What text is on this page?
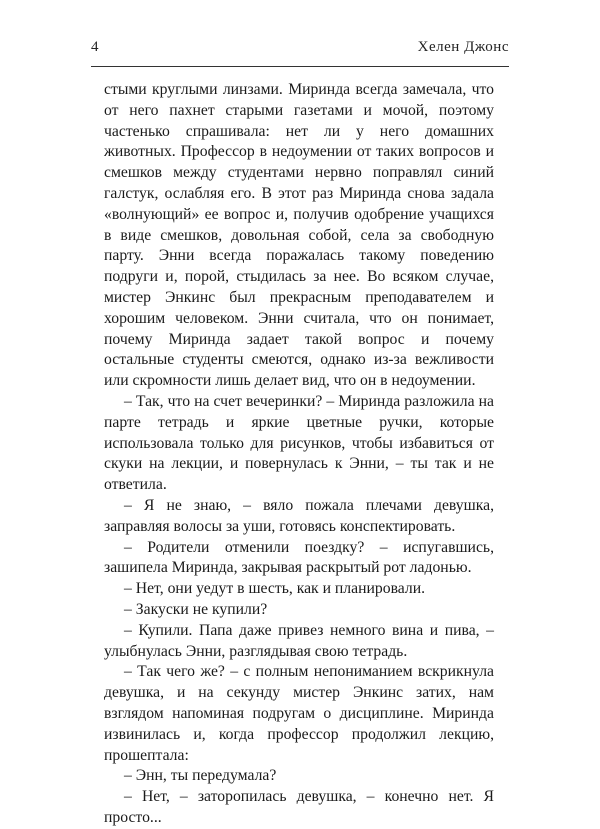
4	Хелен Джонс

стыми круглыми линзами. Миринда всегда замечала, что от него пахнет старыми газетами и мочой, поэтому частенько спрашивала: нет ли у него домашних животных. Профессор в недоумении от таких вопросов и смешков между студентами нервно поправлял синий галстук, ослабляя его. В этот раз Миринда снова задала «волнующий» ее вопрос и, получив одобрение учащихся в виде смешков, довольная собой, села за свободную парту. Энни всегда поражалась такому поведению подруги и, порой, стыдилась за нее. Во всяком случае, мистер Энкинс был прекрасным преподавателем и хорошим человеком. Энни считала, что он понимает, почему Миринда задает такой вопрос и почему остальные студенты смеются, однако из-за вежливости или скромности лишь делает вид, что он в недоумении.

– Так, что на счет вечеринки? – Миринда разложила на парте тетрадь и яркие цветные ручки, которые использовала только для рисунков, чтобы избавиться от скуки на лекции, и повернулась к Энни, – ты так и не ответила.

– Я не знаю, – вяло пожала плечами девушка, заправляя волосы за уши, готовясь конспектировать.

– Родители отменили поездку? – испугавшись, зашипела Миринда, закрывая раскрытый рот ладонью.

– Нет, они уедут в шесть, как и планировали.

– Закуски не купили?

– Купили. Папа даже привез немного вина и пива, – улыбнулась Энни, разглядывая свою тетрадь.

– Так чего же? – с полным непониманием вскрикнула девушка, и на секунду мистер Энкинс затих, нам взглядом напоминая подругам о дисциплине. Миринда извинилась и, когда профессор продолжил лекцию, прошептала:

– Энн, ты передумала?

– Нет, – заторопилась девушка, – конечно нет. Я просто...
